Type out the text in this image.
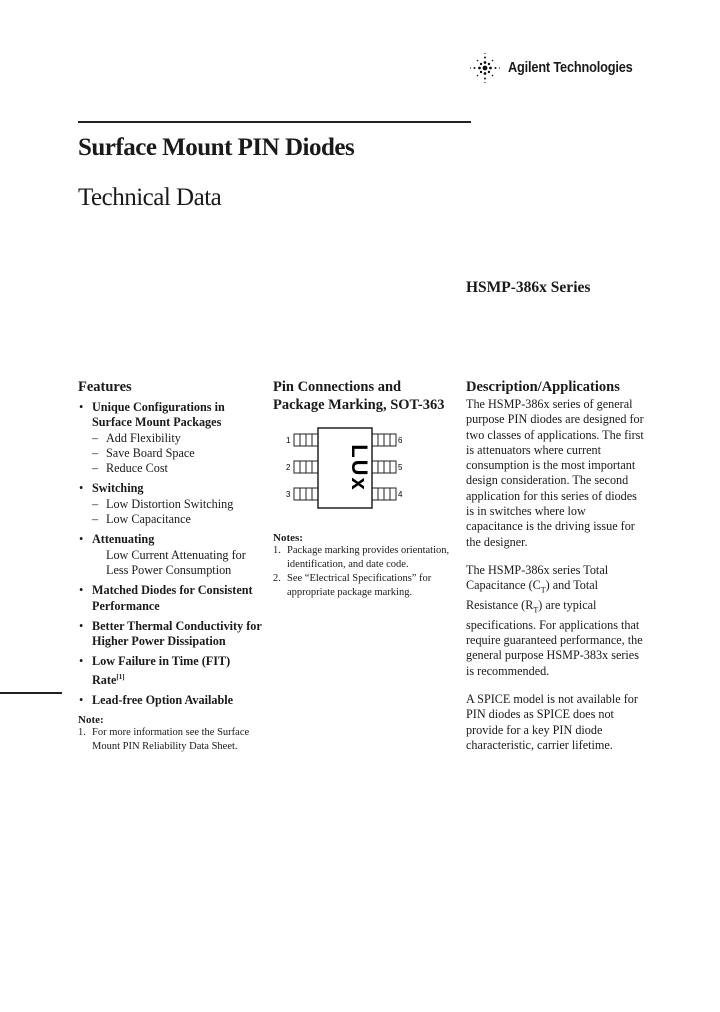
Agilent Technologies
Surface Mount PIN Diodes
Technical Data
HSMP-386x Series
Features
• Unique Configurations in Surface Mount Packages
– Add Flexibility
– Save Board Space
– Reduce Cost
• Switching
– Low Distortion Switching
– Low Capacitance
• Attenuating
Low Current Attenuating for Less Power Consumption
• Matched Diodes for Consistent Performance
• Better Thermal Conductivity for Higher Power Dissipation
• Low Failure in Time (FIT) Rate[1]
• Lead-free Option Available
Note:
1. For more information see the Surface Mount PIN Reliability Data Sheet.
Pin Connections and
Package Marking, SOT-363
1
2
3
LUx
6
5
4
Notes:
1. Package marking provides orientation, identification, and date code.
2. See “Electrical Specifications” for appropriate package marking.
Description/Applications

The HSMP-386x series of general purpose PIN diodes are designed for two classes of applications. The first is attenuators where current consumption is the most important design consideration. The second application for this series of diodes is in switches where low capacitance is the driving issue for the designer.

The HSMP-386x series Total Capacitance $(C_T)$ and Total Resistance $(R_T)$ are typical specifications. For applications that require guaranteed performance, the general purpose HSMP-383x series is recommended.

A SPICE model is not available for PIN diodes as SPICE does not provide for a key PIN diode characteristic, carrier lifetime.
